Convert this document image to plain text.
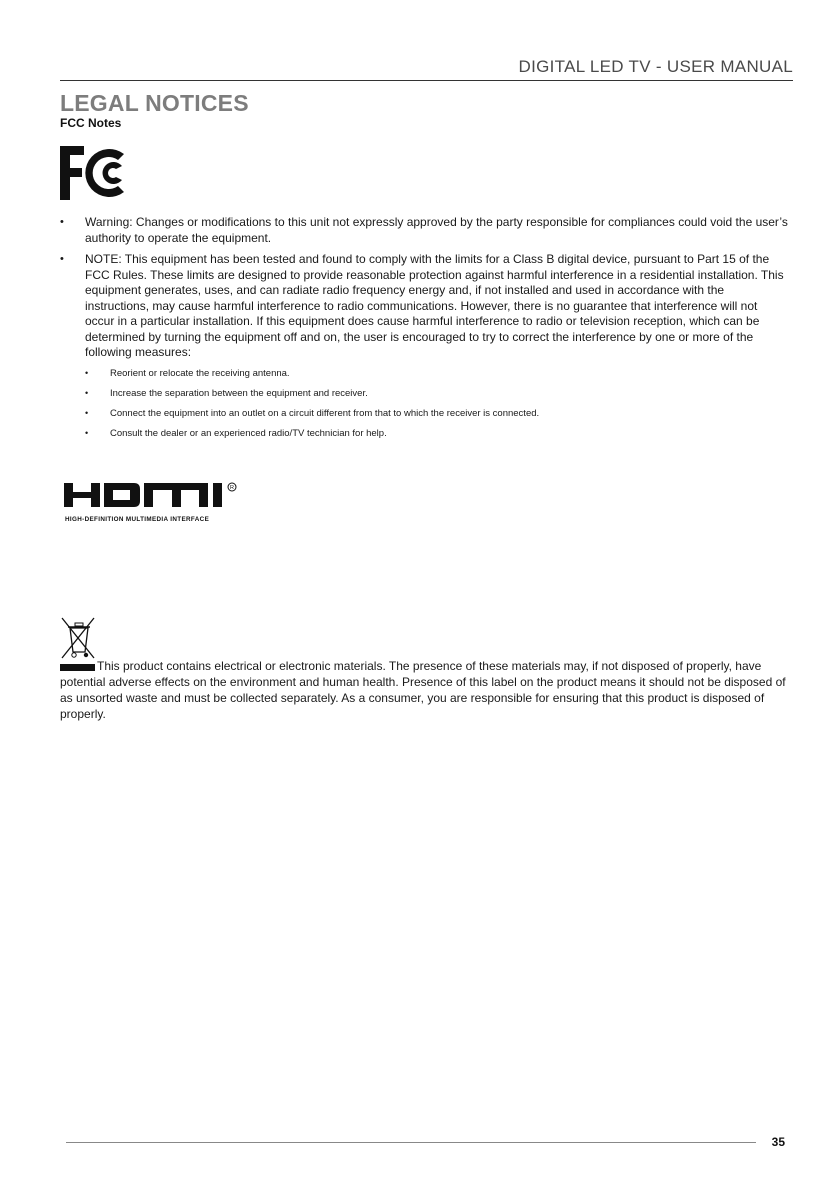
DIGITAL LED TV - USER MANUAL
LEGAL NOTICES
FCC Notes
• Warning: Changes or modifications to this unit not expressly approved by the party responsible for compliances could void the user’s authority to operate the equipment.
• NOTE: This equipment has been tested and found to comply with the limits for a Class B digital device, pursuant to Part 15 of the FCC Rules. These limits are designed to provide reasonable protection against harmful interference in a residential installation. This equipment generates, uses, and can radiate radio frequency energy and, if not installed and used in accordance with the instructions, may cause harmful interference to radio communications. However, there is no guarantee that interference will not occur in a particular installation. If this equipment does cause harmful interference to radio or television reception, which can be determined by turning the equipment off and on, the user is encouraged to try to correct the interference by one or more of the following measures:
• Reorient or relocate the receiving antenna.
• Increase the separation between the equipment and receiver.
• Connect the equipment into an outlet on a circuit different from that to which the receiver is connected.
• Consult the dealer or an experienced radio/TV technician for help.
R
HIGH-DEFINITION MULTIMEDIA INTERFACE

This product contains electrical or electronic materials. The presence of these materials may, if not disposed of properly, have potential adverse effects on the environment and human health. Presence of this label on the product means it should not be disposed of as unsorted waste and must be collected separately. As a consumer, you are responsible for ensuring that this product is disposed of properly.

35
